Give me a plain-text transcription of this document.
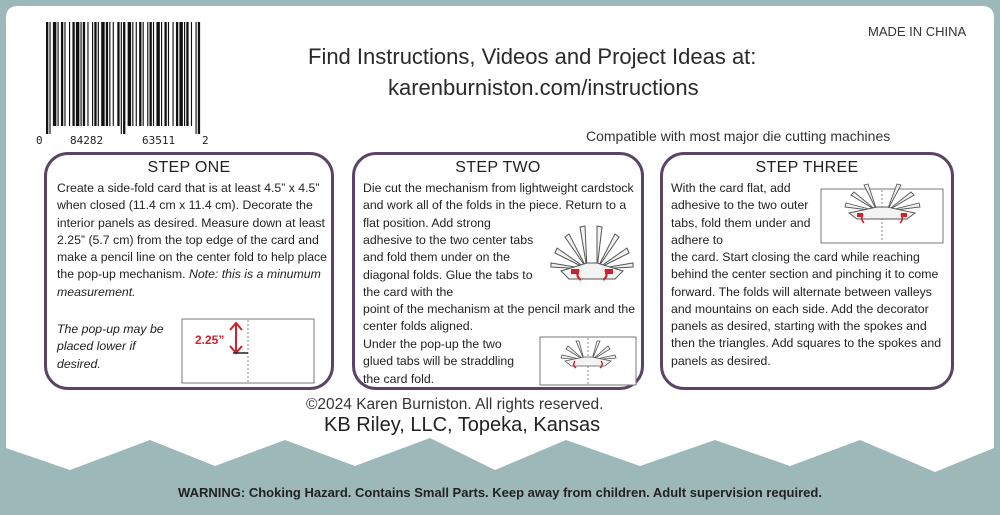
MADE IN CHINA
Find Instructions, Videos and Project Ideas at:
karenburniston.com/instructions
Compatible with most major die cutting machines
0 84282	63511 2
STEP ONE

Create a side-fold card that is at least 4.5” x 4.5” when closed (11.4 cm x 11.4 cm). Decorate the interior panels as desired. Measure down at least 2.25” (5.7 cm) from the top edge of the card and make a pencil line on the center fold to help place the pop-up mechanism. Note: this is a minumum measurement.

The pop-up may be placed lower if desired.
2.25”
STEP TWO
Die cut the mechanism from lightweight cardstock and work all of the folds in the piece. Return to a flat position. Add strong
adhesive to the two center tabs and fold them under on the diagonal folds. Glue the tabs to the card with the
point of the mechanism at the pencil mark and the center folds aligned.
Under the pop-up the two glued tabs will be straddling the card fold.
STEP THREE
With the card flat, add adhesive to the two outer tabs, fold them under and adhere to
the card. Start closing the card while reaching behind the center section and pinching it to come forward. The folds will alternate between valleys and mountains on each side. Add the decorator panels as desired, starting with the spokes and then the triangles. Add squares to the spokes and panels as desired.
©2024 Karen Burniston. All rights reserved.
KB Riley, LLC, Topeka, Kansas
WARNING: Choking Hazard. Contains Small Parts. Keep away from children. Adult supervision required.
